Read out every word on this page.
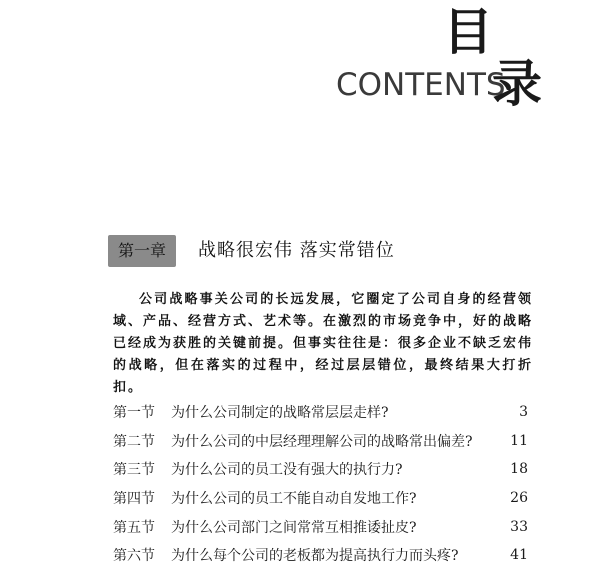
目
CONTENTS
录
第一章	战略很宏伟 落实常错位

公司战略事关公司的长远发展，它圈定了公司自身的经营领域、产品、经营方式、艺术等。在激烈的市场竞争中，好的战略已经成为获胜的关键前提。但事实往往是：很多企业不缺乏宏伟的战略，但在落实的过程中，经过层层错位，最终结果大打折扣。

第一节	为什么公司制定的战略常层层走样?	3
第二节	为什么公司的中层经理理解公司的战略常出偏差?	11
第三节	为什么公司的员工没有强大的执行力?	18
第四节	为什么公司的员工不能自动自发地工作?	26
第五节	为什么公司部门之间常常互相推诿扯皮?	33
第六节	为什么每个公司的老板都为提高执行力而头疼?	41
